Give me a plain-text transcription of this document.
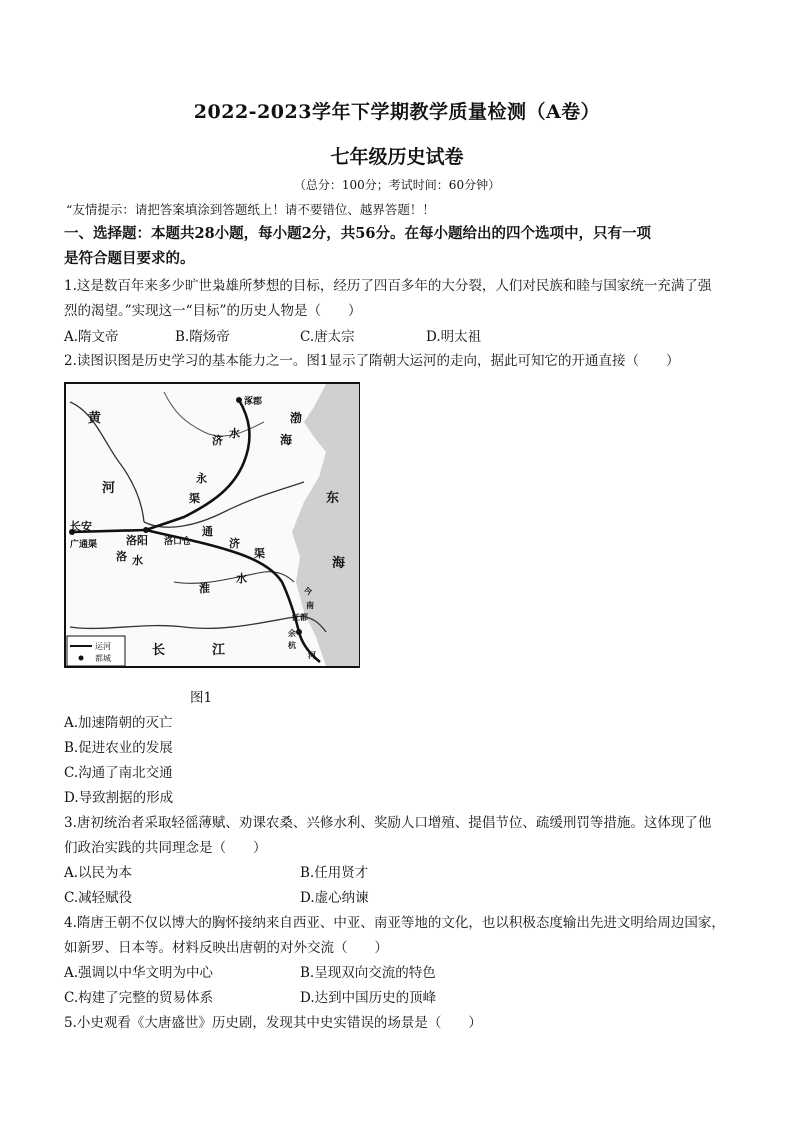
2022-2023学年下学期教学质量检测（A卷）
七年级历史试卷
（总分：100分；考试时间：60分钟）
“友情提示：请把答案填涂到答题纸上！请不要错位、越界答题！！
一、选择题：本题共28小题，每小题2分，共56分。在每小题给出的四个选项中，只有一项
是符合题目要求的。
1.这是数百年来多少旷世枭雄所梦想的目标，经历了四百多年的大分裂，人们对民族和睦与国家统一充满了强
烈的渴望。”实现这一“目标”的历史人物是（　　）
A.隋文帝	B.隋炀帝	C.唐太宗	D.明太祖
2.读图识图是历史学习的基本能力之一。图1显示了隋朝大运河的走向，据此可知它的开通直接（　　）
运河
都城
黄
河
长	江
涿郡
水
济
永
渠
通
洛阳 洛口仓
长安
广通渠
洛 水
济
渠
淮
水
江都
余
杭
今
南
河
渤
海
东
海
图1
A.加速隋朝的灭亡
B.促进农业的发展
C.沟通了南北交通
D.导致割据的形成
3.唐初统治者采取轻徭薄赋、劝课农桑、兴修水利、奖励人口增殖、提倡节位、疏缓刑罚等措施。这体现了他
们政治实践的共同理念是（　　）
A.以民为本	B.任用贤才
C.减轻赋役	D.虚心纳谏
4.隋唐王朝不仅以博大的胸怀接纳来自西亚、中亚、南亚等地的文化，也以积极态度输出先进文明给周边国家，
如新罗、日本等。材料反映出唐朝的对外交流（　　）
A.强调以中华文明为中心	B.呈现双向交流的特色
C.构建了完整的贸易体系	D.达到中国历史的顶峰
5.小史观看《大唐盛世》历史剧，发现其中史实错误的场景是（　　）
